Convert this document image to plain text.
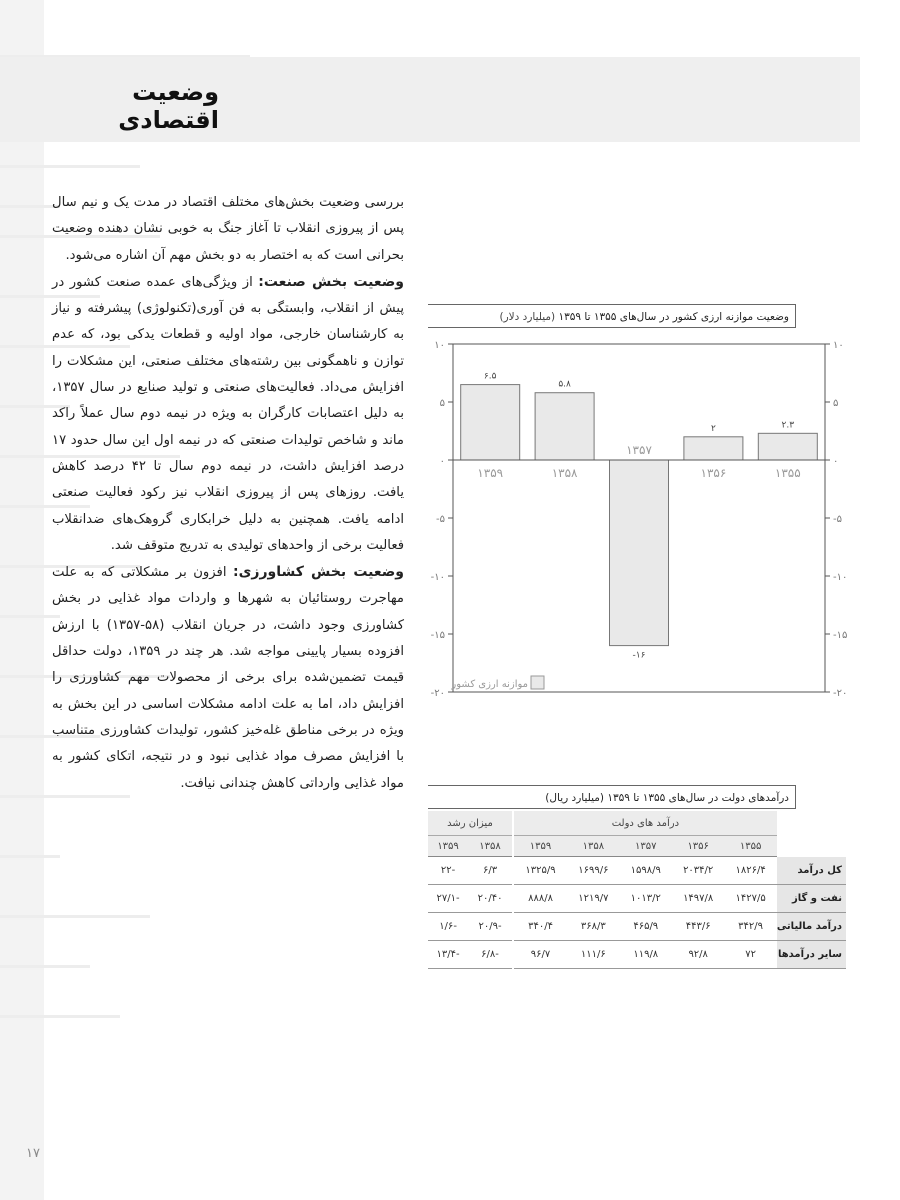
وضعیت اقتصادی

بررسی وضعیت بخش‌های مختلف اقتصاد در مدت یک و نیم سال پس از پیروزی انقلاب تا آغاز جنگ به خوبی نشان دهنده وضعیت بحرانی است که به اختصار به دو بخش مهم آن اشاره می‌شود.

وضعیت بخش صنعت: از ویژگی‌های عمده صنعت کشور در پیش از انقلاب، وابستگی به فن آوری(تکنولوژی) پیشرفته و نیاز به کارشناسان خارجی، مواد اولیه و قطعات یدکی بود، که عدم توازن و ناهمگونی بین رشته‌های مختلف صنعتی، این مشکلات را افزایش می‌داد. فعالیت‌های صنعتی و تولید صنایع در سال ۱۳۵۷، به دلیل اعتصابات کارگران به ویژه در نیمه دوم سال عملاً راکد ماند و شاخص تولیدات صنعتی که در نیمه اول این سال حدود ۱۷ درصد افزایش داشت، در نیمه دوم سال تا ۴۲ درصد کاهش یافت. روزهای پس از پیروزی انقلاب نیز رکود فعالیت صنعتی ادامه یافت. همچنین به دلیل خرابکاری گروهک‌های ضدانقلاب فعالیت برخی از واحدهای تولیدی به تدریج متوقف شد.

وضعیت بخش کشاورزی: افزون بر مشکلاتی که به علت مهاجرت روستائیان به شهرها و واردات مواد غذایی در بخش کشاورزی وجود داشت، در جریان انقلاب (۵۸-۱۳۵۷) با ارزش افزوده بسیار پایینی مواجه شد. هر چند در ۱۳۵۹، دولت حداقل قیمت تضمین‌شده برای برخی از محصولات مهم کشاورزی را افزایش داد، اما به علت ادامه مشکلات اساسی در این بخش به ویژه در برخی مناطق غله‌خیز کشور، تولیدات کشاورزی متناسب با افزایش مصرف مواد غذایی نبود و در نتیجه، اتکای کشور به مواد غذایی وارداتی کاهش چندانی نیافت.

وضعیت موازنه ارزی کشور در سال‌های ۱۳۵۵ تا ۱۳۵۹ (میلیارد دلار)
۱۰	۱۰
۵	۵
۰	۰
-۵	-۵
-۱۰	-۱۰
-۱۵	-۱۵
-۲۰	-۲۰
۲.۳
۱۳۵۵
۲
۱۳۵۶
-۱۶
۱۳۵۷
۵.۸
۱۳۵۸
۶.۵
۱۳۵۹
موازنه ارزی کشور
درآمدهای دولت در سال‌های ۱۳۵۵ تا ۱۳۵۹ (میلیارد ریال)
	درآمد های دولت					میزان رشد	
	۱۳۵۵	۱۳۵۶	۱۳۵۷	۱۳۵۸	۱۳۵۹	۱۳۵۸	۱۳۵۹
کل درآمد	۱۸۲۶/۴	۲۰۳۴/۲	۱۵۹۸/۹	۱۶۹۹/۶	۱۳۲۵/۹	۶/۳	-۲۲
نفت و گاز	۱۴۲۷/۵	۱۴۹۷/۸	۱۰۱۳/۲	۱۲۱۹/۷	۸۸۸/۸	۲۰/۴۰	-۲۷/۱
درآمد مالیاتی	۳۴۲/۹	۴۴۳/۶	۴۶۵/۹	۳۶۸/۳	۳۴۰/۴	-۲۰/۹	-۱/۶
سایر درآمدها	۷۲	۹۲/۸	۱۱۹/۸	۱۱۱/۶	۹۶/۷	-۶/۸	-۱۳/۴
۱۷
